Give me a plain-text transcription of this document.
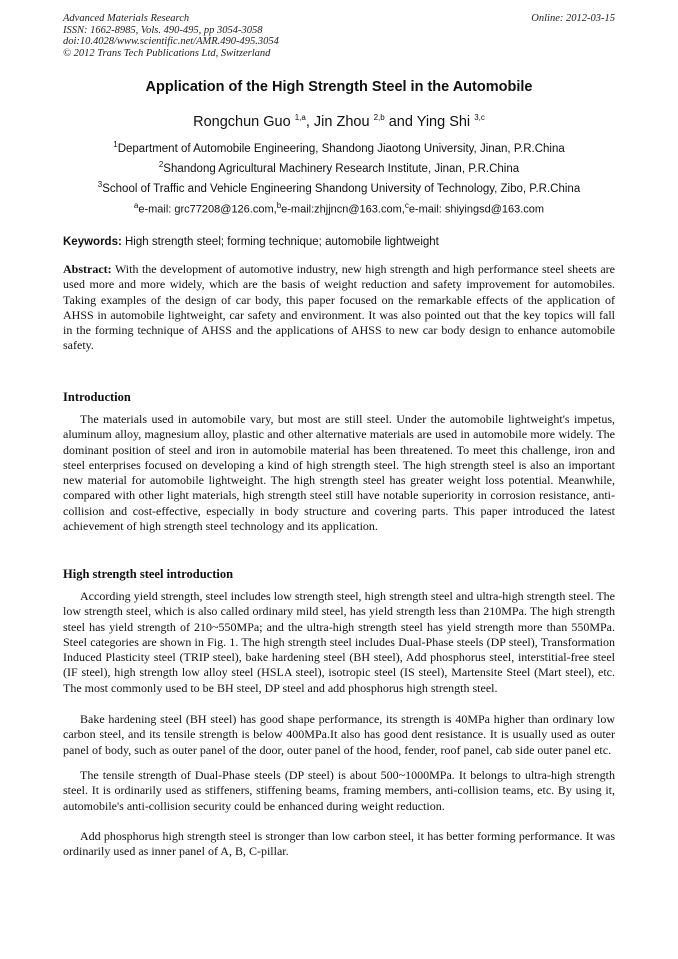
Advanced Materials Research
ISSN: 1662-8985, Vols. 490-495, pp 3054-3058
doi:10.4028/www.scientific.net/AMR.490-495.3054
© 2012 Trans Tech Publications Ltd, Switzerland
Online: 2012-03-15
Application of the High Strength Steel in the Automobile
Rongchun Guo $^{1,a}$, Jin Zhou $^{2,b}$ and Ying Shi $^{3,c}$
$^1$Department of Automobile Engineering, Shandong Jiaotong University, Jinan, P.R.China
$^2$Shandong Agricultural Machinery Research Institute, Jinan, P.R.China
$^3$School of Traffic and Vehicle Engineering Shandong University of Technology, Zibo, P.R.China
$^a$e-mail: grc77208@126.com,$^b$e-mail:zhjjncn@163.com,$^c$e-mail: shiyingsd@163.com
Keywords: High strength steel; forming technique; automobile lightweight
Abstract: With the development of automotive industry, new high strength and high performance steel sheets are used more and more widely, which are the basis of weight reduction and safety improvement for automobiles. Taking examples of the design of car body, this paper focused on the remarkable effects of the application of AHSS in automobile lightweight, car safety and environment. It was also pointed out that the key topics will fall in the forming technique of AHSS and the applications of AHSS to new car body design to enhance automobile safety.
Introduction
The materials used in automobile vary, but most are still steel. Under the automobile lightweight's impetus, aluminum alloy, magnesium alloy, plastic and other alternative materials are used in automobile more widely. The dominant position of steel and iron in automobile material has been threatened. To meet this challenge, iron and steel enterprises focused on developing a kind of high strength steel. The high strength steel is also an important new material for automobile lightweight. The high strength steel has greater weight loss potential. Meanwhile, compared with other light materials, high strength steel still have notable superiority in corrosion resistance, anti-collision and cost-effective, especially in body structure and covering parts. This paper introduced the latest achievement of high strength steel technology and its application.
High strength steel introduction
According yield strength, steel includes low strength steel, high strength steel and ultra-high strength steel. The low strength steel, which is also called ordinary mild steel, has yield strength less than 210MPa. The high strength steel has yield strength of 210~550MPa; and the ultra-high strength steel has yield strength more than 550MPa. Steel categories are shown in Fig. 1. The high strength steel includes Dual-Phase steels (DP steel), Transformation Induced Plasticity steel (TRIP steel), bake hardening steel (BH steel), Add phosphorus steel, interstitial-free steel (IF steel), high strength low alloy steel (HSLA steel), isotropic steel (IS steel), Martensite Steel (Mart steel), etc. The most commonly used to be BH steel, DP steel and add phosphorus high strength steel.
Bake hardening steel (BH steel) has good shape performance, its strength is 40MPa higher than ordinary low carbon steel, and its tensile strength is below 400MPa.It also has good dent resistance. It is usually used as outer panel of body, such as outer panel of the door, outer panel of the hood, fender, roof panel, cab side outer panel etc.
The tensile strength of Dual-Phase steels (DP steel) is about 500~1000MPa. It belongs to ultra-high strength steel. It is ordinarily used as stiffeners, stiffening beams, framing members, anti-collision teams, etc. By using it, automobile's anti-collision security could be enhanced during weight reduction.
Add phosphorus high strength steel is stronger than low carbon steel, it has better forming performance. It was ordinarily used as inner panel of A, B, C-pillar.
